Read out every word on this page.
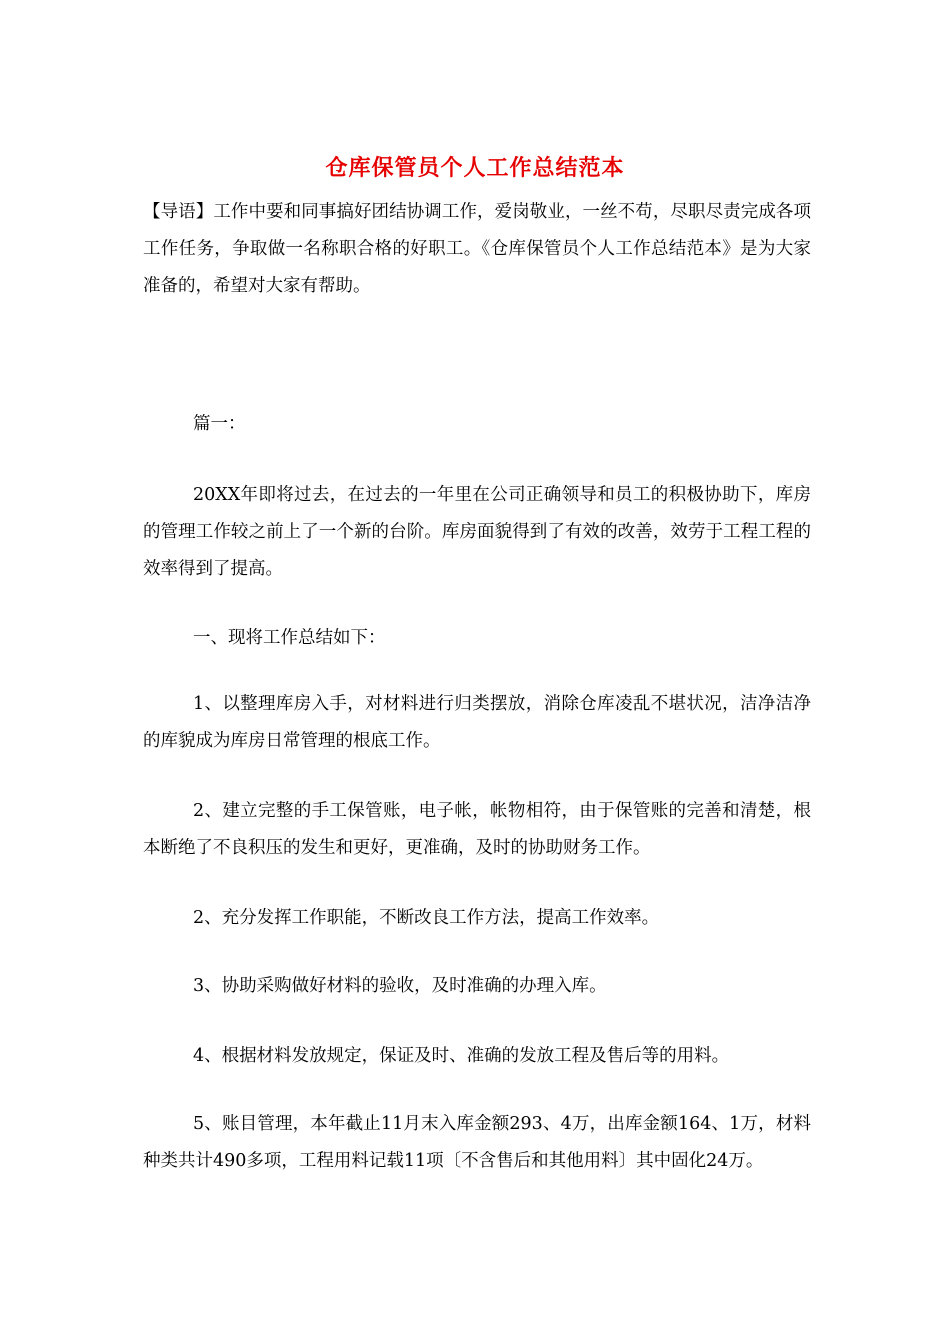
仓库保管员个人工作总结范本

【导语】工作中要和同事搞好团结协调工作，爱岗敬业，一丝不苟，尽职尽责完成各项工作任务，争取做一名称职合格的好职工。《仓库保管员个人工作总结范本》是为大家准备的，希望对大家有帮助。

篇一：

20XX年即将过去，在过去的一年里在公司正确领导和员工的积极协助下，库房的管理工作较之前上了一个新的台阶。库房面貌得到了有效的改善，效劳于工程工程的效率得到了提高。

一、现将工作总结如下：

1、以整理库房入手，对材料进行归类摆放，消除仓库凌乱不堪状况，洁净洁净的库貌成为库房日常管理的根底工作。

2、建立完整的手工保管账，电子帐，帐物相符，由于保管账的完善和清楚，根本断绝了不良积压的发生和更好，更准确，及时的协助财务工作。

2、充分发挥工作职能，不断改良工作方法，提高工作效率。

3、协助采购做好材料的验收，及时准确的办理入库。

4、根据材料发放规定，保证及时、准确的发放工程及售后等的用料。

5、账目管理，本年截止11月末入库金额293、4万，出库金额164、1万，材料种类共计490多项，工程用料记载11项〔不含售后和其他用料〕其中固化24万。
